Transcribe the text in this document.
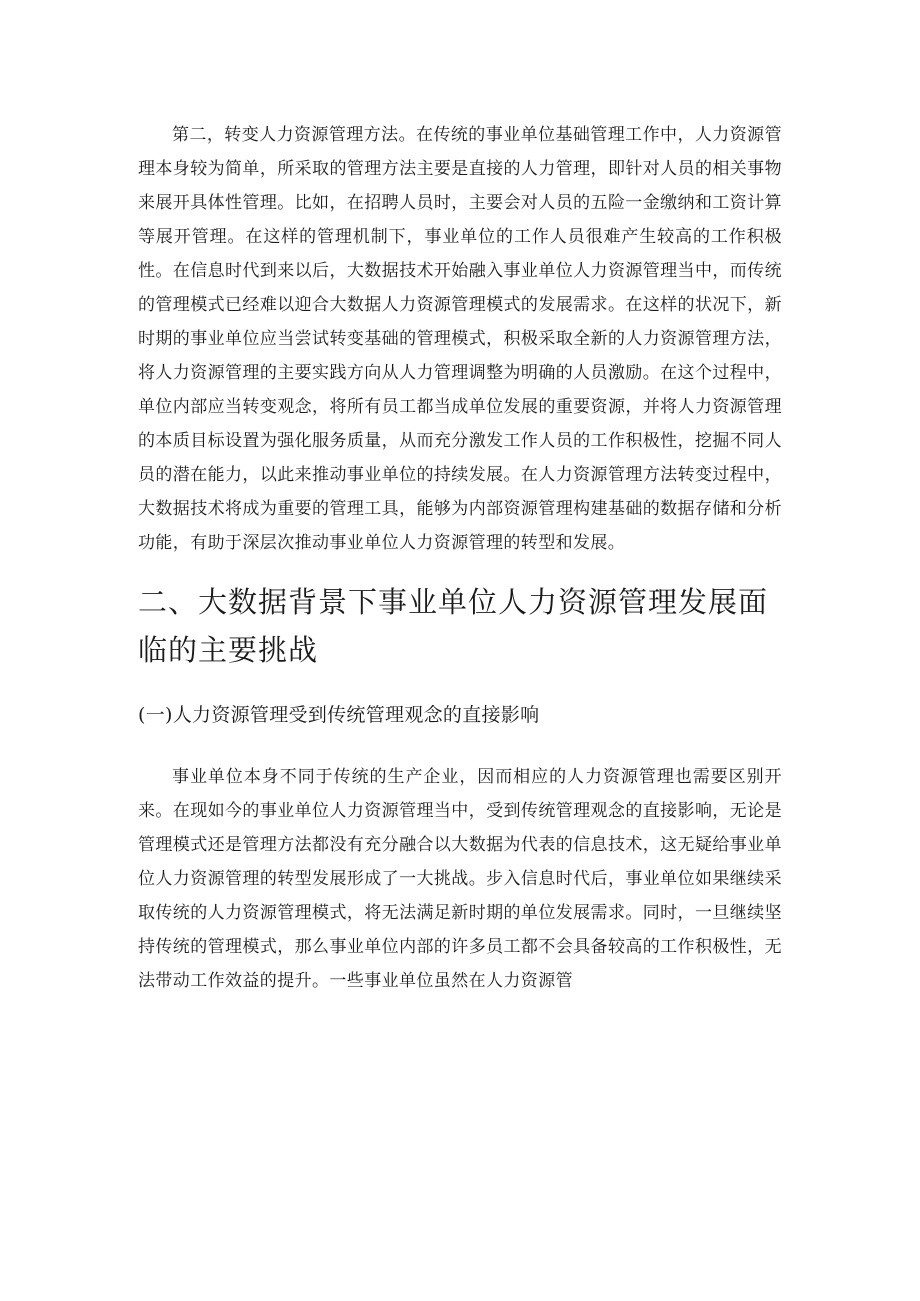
第二，转变人力资源管理方法。在传统的事业单位基础管理工作中，人力资源管理本身较为简单，所采取的管理方法主要是直接的人力管理，即针对人员的相关事物来展开具体性管理。比如，在招聘人员时，主要会对人员的五险一金缴纳和工资计算等展开管理。在这样的管理机制下，事业单位的工作人员很难产生较高的工作积极性。在信息时代到来以后，大数据技术开始融入事业单位人力资源管理当中，而传统的管理模式已经难以迎合大数据人力资源管理模式的发展需求。在这样的状况下，新时期的事业单位应当尝试转变基础的管理模式，积极采取全新的人力资源管理方法，将人力资源管理的主要实践方向从人力管理调整为明确的人员激励。在这个过程中，单位内部应当转变观念，将所有员工都当成单位发展的重要资源，并将人力资源管理的本质目标设置为强化服务质量，从而充分激发工作人员的工作积极性，挖掘不同人员的潜在能力，以此来推动事业单位的持续发展。在人力资源管理方法转变过程中，大数据技术将成为重要的管理工具，能够为内部资源管理构建基础的数据存储和分析功能，有助于深层次推动事业单位人力资源管理的转型和发展。

二、大数据背景下事业单位人力资源管理发展面临的主要挑战
(一)人力资源管理受到传统管理观念的直接影响

事业单位本身不同于传统的生产企业，因而相应的人力资源管理也需要区别开来。在现如今的事业单位人力资源管理当中，受到传统管理观念的直接影响，无论是管理模式还是管理方法都没有充分融合以大数据为代表的信息技术，这无疑给事业单位人力资源管理的转型发展形成了一大挑战。步入信息时代后，事业单位如果继续采取传统的人力资源管理模式，将无法满足新时期的单位发展需求。同时，一旦继续坚持传统的管理模式，那么事业单位内部的许多员工都不会具备较高的工作积极性，无法带动工作效益的提升。一些事业单位虽然在人力资源管
